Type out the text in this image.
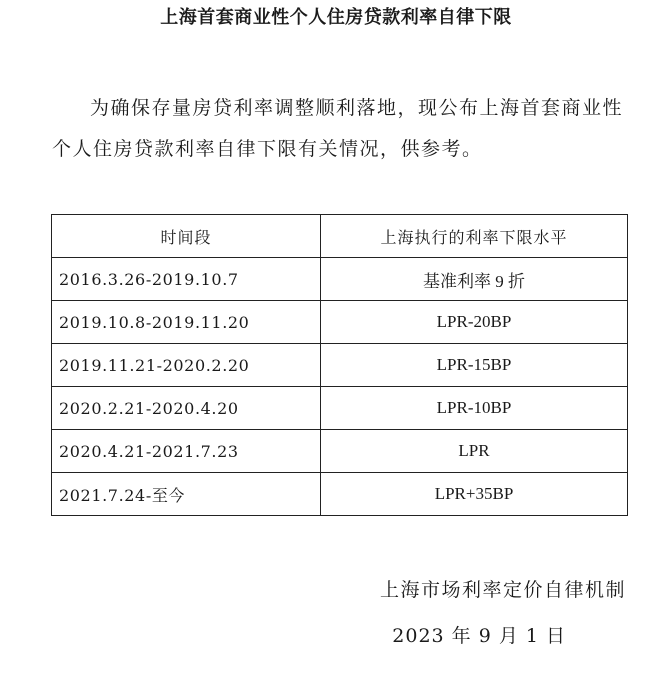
上海首套商业性个人住房贷款利率自律下限

为确保存量房贷利率调整顺利落地，现公布上海首套商业性个人住房贷款利率自律下限有关情况，供参考。

时间段	上海执行的利率下限水平
2016.3.26-2019.10.7	基准利率 9 折
2019.10.8-2019.11.20	LPR-20BP
2019.11.21-2020.2.20	LPR-15BP
2020.2.21-2020.4.20	LPR-10BP
2020.4.21-2021.7.23	LPR
2021.7.24-至今	LPR+35BP
上海市场利率定价自律机制
2023 年 9 月 1 日
